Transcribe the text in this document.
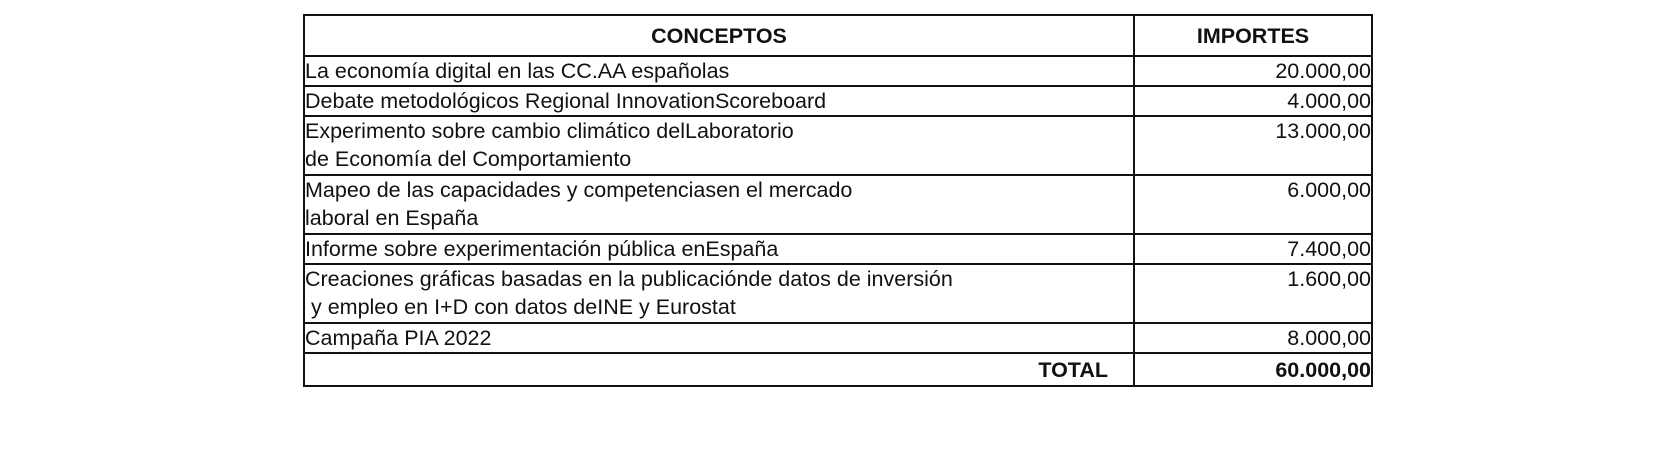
CONCEPTOS	IMPORTES

La economía digital en las CC.AA españolas	20.000,00

Debate metodológicos Regional InnovationScoreboard	4.000,00

Experimento sobre cambio climático delLaboratorio
de Economía del Comportamiento	13.000,00

Mapeo de las capacidades y competenciasen el mercado
laboral en España	6.000,00

Informe sobre experimentación pública enEspaña	7.400,00

Creaciones gráficas basadas en la publicaciónde datos de inversión
y empleo en I+D con datos deINE y Eurostat	1.600,00

Campaña PIA 2022	8.000,00
TOTAL	60.000,00
